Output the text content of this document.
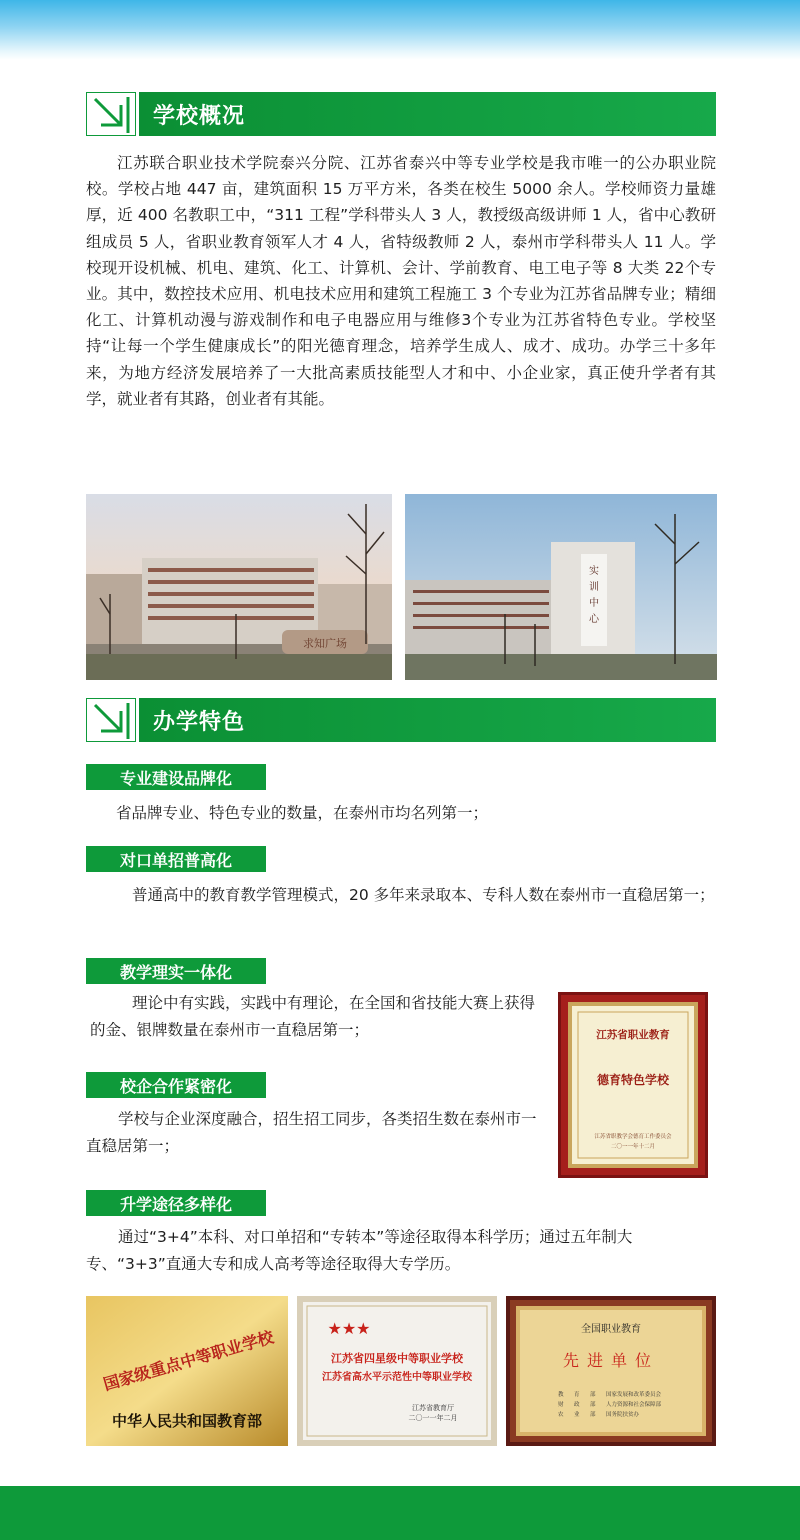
学校概况

江苏联合职业技术学院泰兴分院、江苏省泰兴中等专业学校是我市唯一的公办职业院校。学校占地 447 亩，建筑面积 15 万平方米，各类在校生 5000 余人。学校师资力量雄厚，近 400 名教职工中，“311 工程”学科带头人 3 人，教授级高级讲师 1 人，省中心教研组成员 5 人，省职业教育领军人才 4 人，省特级教师 2 人，泰州市学科带头人 11 人。学校现开设机械、机电、建筑、化工、计算机、会计、学前教育、电工电子等 8 大类 22个专业。其中，数控技术应用、机电技术应用和建筑工程施工 3 个专业为江苏省品牌专业；精细化工、计算机动漫与游戏制作和电子电器应用与维修3个专业为江苏省特色专业。学校坚持“让每一个学生健康成长”的阳光德育理念，培养学生成人、成才、成功。办学三十多年来，为地方经济发展培养了一大批高素质技能型人才和中、小企业家，真正使升学者有其学，就业者有其路，创业者有其能。

求知广场
实训中心
办学特色
专业建设品牌化

省品牌专业、特色专业的数量，在泰州市均名列第一；

对口单招普高化

普通高中的教育教学管理模式，20 多年来录取本、专科人数在泰州市一直稳居第一；

教学理实一体化

理论中有实践，实践中有理论，在全国和省技能大赛上获得的金、银牌数量在泰州市一直稳居第一；

校企合作紧密化

学校与企业深度融合，招生招工同步，各类招生数在泰州市一直稳居第一；

升学途径多样化

通过“3+4”本科、对口单招和“专转本”等途径取得本科学历；通过五年制大专、“3+3”直通大专和成人高考等途径取得大专学历。

江苏省职业教育
德育特色学校
江苏省职教学会德育工作委员会
二〇一一年十二月
国家级重点中等职业学校
中华人民共和国教育部
★★★
江苏省四星级中等职业学校
江苏省高水平示范性中等职业学校
江苏省教育厅
二〇一一年二月
全国职业教育
先进单位
教 育 部
财 政 部
农 业 部
国家发展和改革委员会
人力资源和社会保障部
国务院扶贫办
